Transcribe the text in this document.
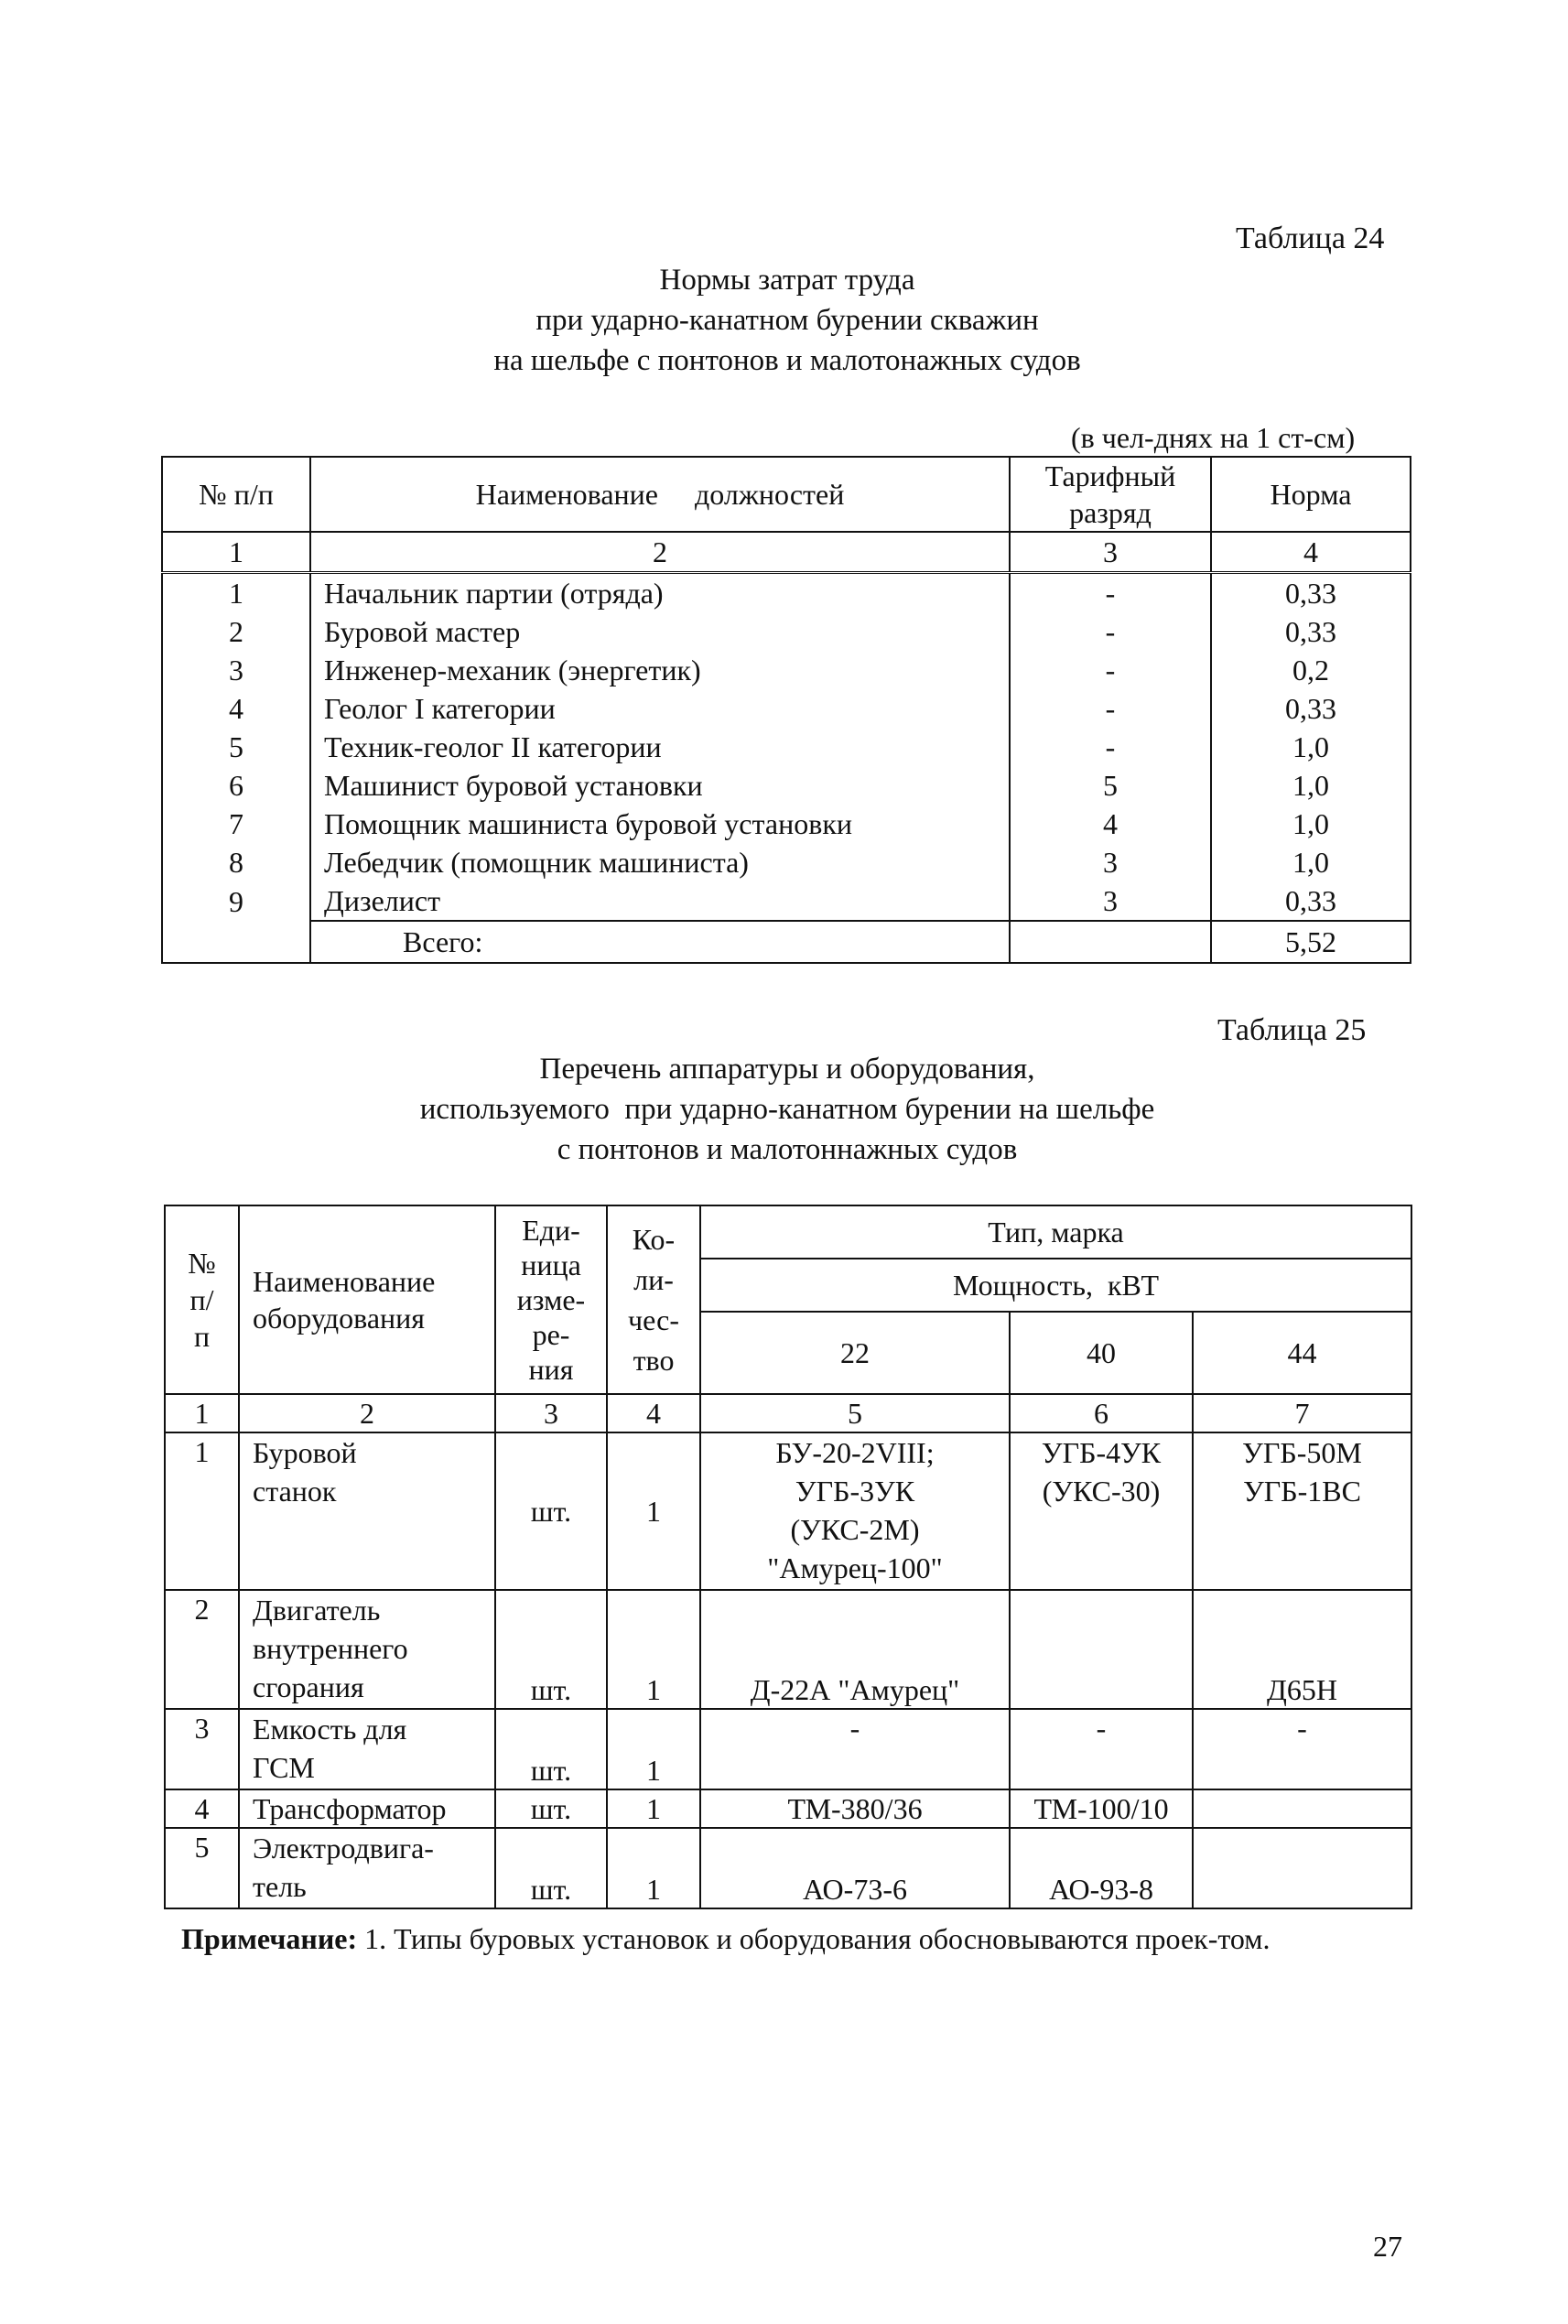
Таблица 24
Нормы затрат труда
при ударно-канатном бурении скважин
на шельфе с понтонов и малотонажных судов
(в чел-днях на 1 ст-см)
№ п/п	Наименование     должностей	Тарифный разряд	Норма
1	2	3	4
1	Начальник партии (отряда)	-	0,33
2	Буровой мастер	-	0,33
3	Инженер-механик (энергетик)	-	0,2
4	Геолог I категории	-	0,33
5	Техник-геолог II категории	-	1,0
6	Машинист буровой установки	5	1,0
7	Помощник машиниста буровой установки	4	1,0
8	Лебедчик (помощник машиниста)	3	1,0
9	Дизелист	3	0,33
	Всего:		5,52
Таблица 25
Перечень аппаратуры и оборудования,
используемого  при ударно-канатном бурении на шельфе
с понтонов и малотоннажных судов
№ п/ п	Наименование оборудования	Еди- ница изме- ре- ния	Ко- ли- чес- тво	Тип, марка		
				Мощность,  кВТ		
				22	40	44
1	2	3	4	5	6	7
1	Буровой станок	шт.	1	БУ-20-2VIII; УГБ-3УК (УКС-2М) "Амурец-100"	УГБ-4УК (УКС-30)	УГБ-50М УГБ-1ВС

2	Двигатель внутреннего сгорания	шт.	1	Д-22А "Амурец"		Д65Н
3	Емкость для ГСМ	шт.	1	-	-	-
4	Трансформатор	шт.	1	ТМ-380/36	ТМ-100/10	
5	Электродвига-тель	шт.	1	АО-73-6	АО-93-8	
Примечание: 1. Типы буровых установок и оборудования обосновываются проек-том.
27
